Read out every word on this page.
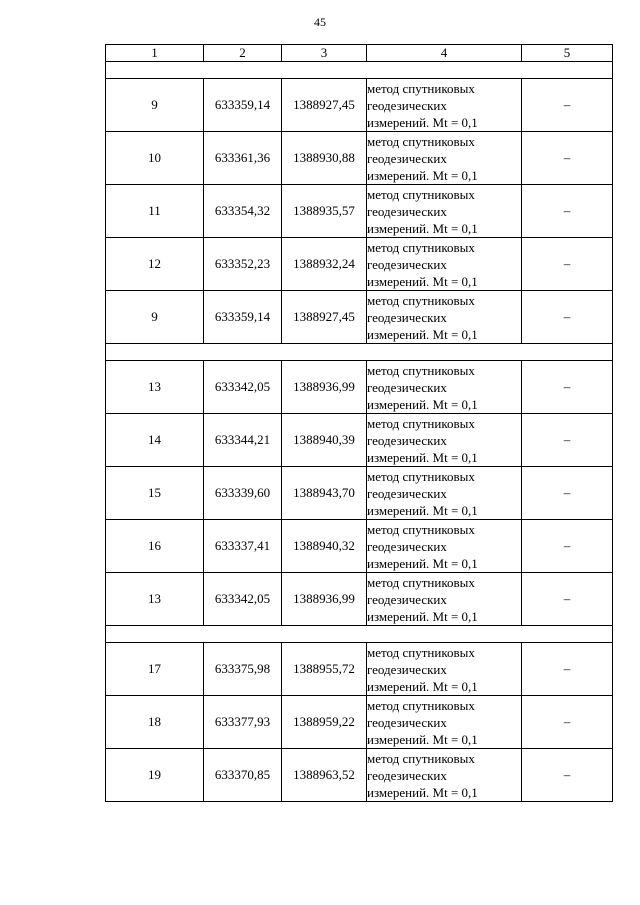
45
1	2	3	4	5

9	633359,14	1388927,45	метод спутниковых
геодезических
измерений. Mt = 0,1	–
10	633361,36	1388930,88	метод спутниковых
геодезических
измерений. Mt = 0,1	–
11	633354,32	1388935,57	метод спутниковых
геодезических
измерений. Mt = 0,1	–
12	633352,23	1388932,24	метод спутниковых
геодезических
измерений. Mt = 0,1	–
9	633359,14	1388927,45	метод спутниковых
геодезических
измерений. Mt = 0,1	–

13	633342,05	1388936,99	метод спутниковых
геодезических
измерений. Mt = 0,1	–
14	633344,21	1388940,39	метод спутниковых
геодезических
измерений. Mt = 0,1	–
15	633339,60	1388943,70	метод спутниковых
геодезических
измерений. Mt = 0,1	–
16	633337,41	1388940,32	метод спутниковых
геодезических
измерений. Mt = 0,1	–
13	633342,05	1388936,99	метод спутниковых
геодезических
измерений. Mt = 0,1	–

17	633375,98	1388955,72	метод спутниковых
геодезических
измерений. Mt = 0,1	–
18	633377,93	1388959,22	метод спутниковых
геодезических
измерений. Mt = 0,1	–
19	633370,85	1388963,52	метод спутниковых
геодезических
измерений. Mt = 0,1	–
